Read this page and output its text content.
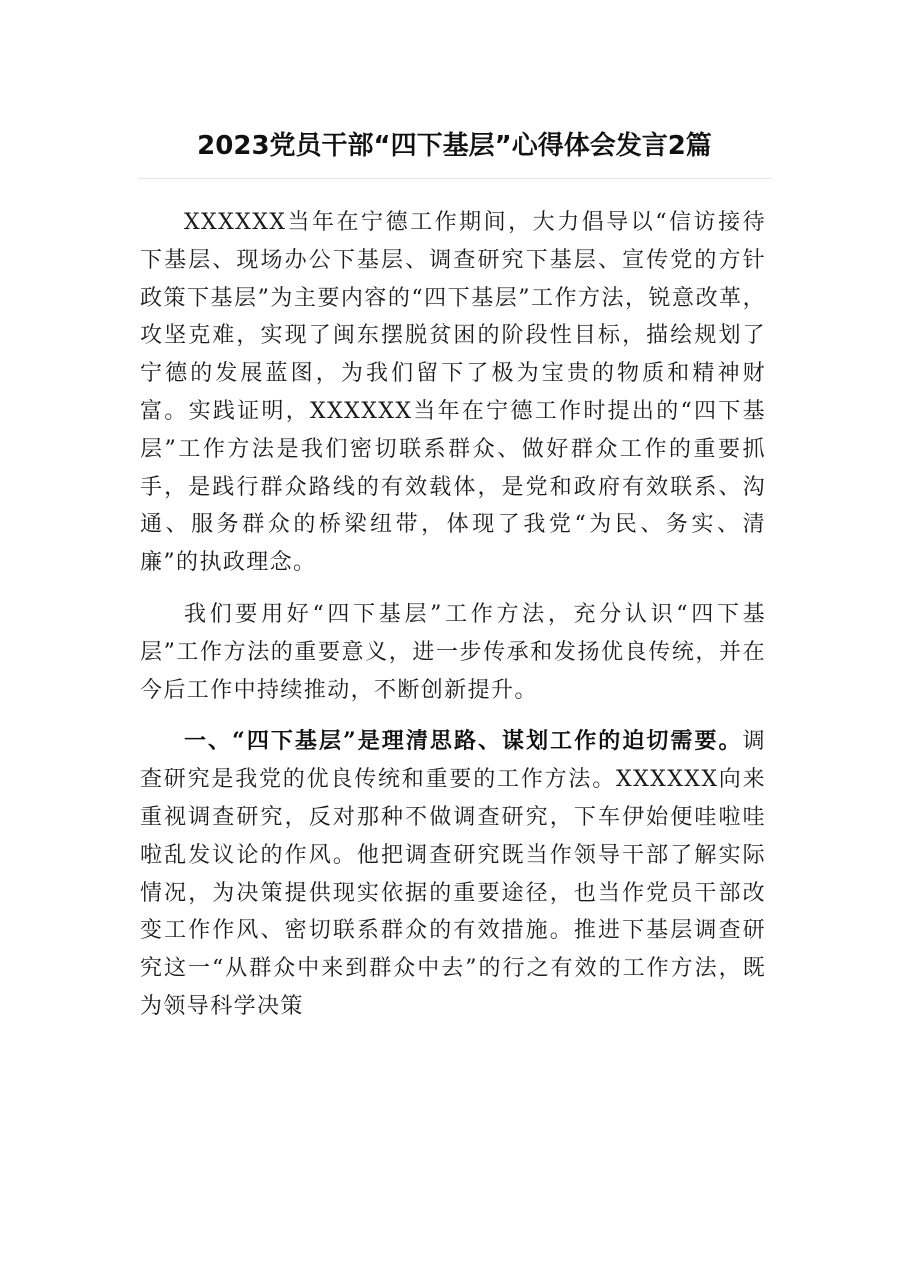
2023党员干部“四下基层”心得体会发言2篇

XXXXXX当年在宁德工作期间，大力倡导以“信访接待下基层、现场办公下基层、调查研究下基层、宣传党的方针政策下基层”为主要内容的“四下基层”工作方法，锐意改革，攻坚克难，实现了闽东摆脱贫困的阶段性目标，描绘规划了宁德的发展蓝图，为我们留下了极为宝贵的物质和精神财富。实践证明，XXXXXX当年在宁德工作时提出的“四下基层”工作方法是我们密切联系群众、做好群众工作的重要抓手，是践行群众路线的有效载体，是党和政府有效联系、沟通、服务群众的桥梁纽带，体现了我党“为民、务实、清廉”的执政理念。

我们要用好“四下基层”工作方法，充分认识“四下基层”工作方法的重要意义，进一步传承和发扬优良传统，并在今后工作中持续推动，不断创新提升。

一、“四下基层”是理清思路、谋划工作的迫切需要。调查研究是我党的优良传统和重要的工作方法。XXXXXX向来重视调查研究，反对那种不做调查研究，下车伊始便哇啦哇啦乱发议论的作风。他把调查研究既当作领导干部了解实际情况，为决策提供现实依据的重要途径，也当作党员干部改变工作作风、密切联系群众的有效措施。推进下基层调查研究这一“从群众中来到群众中去”的行之有效的工作方法，既为领导科学决策
